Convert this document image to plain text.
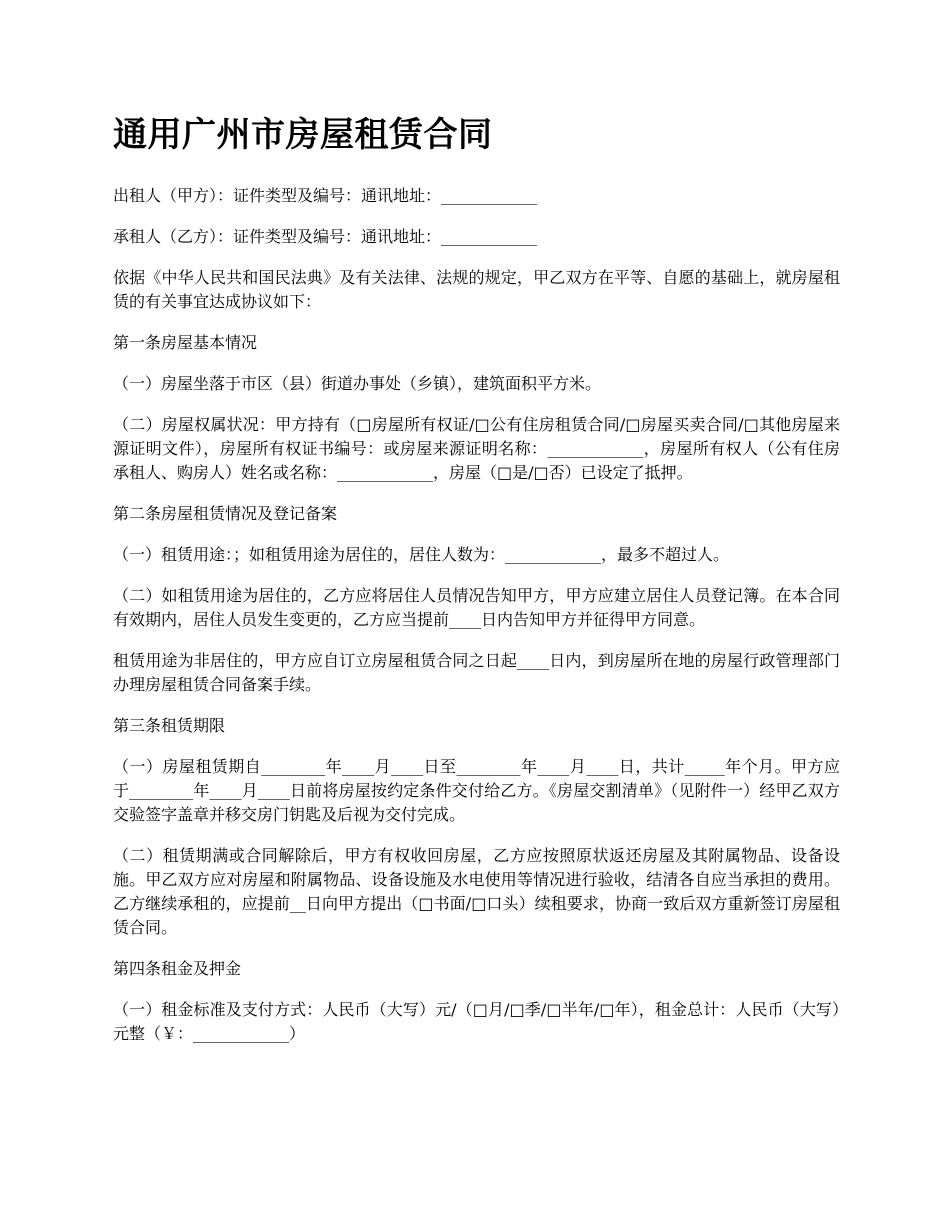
通用广州市房屋租赁合同

出租人（甲方）：证件类型及编号：通讯地址：____________

承租人（乙方）：证件类型及编号：通讯地址：____________

依据《中华人民共和国民法典》及有关法律、法规的规定，甲乙双方在平等、自愿的基础上，就房屋租赁的有关事宜达成协议如下：

第一条房屋基本情况

（一）房屋坐落于市区（县）街道办事处（乡镇），建筑面积平方米。

（二）房屋权属状况：甲方持有（□房屋所有权证/□公有住房租赁合同/□房屋买卖合同/□其他房屋来源证明文件），房屋所有权证书编号：或房屋来源证明名称：____________，房屋所有权人（公有住房承租人、购房人）姓名或名称：____________，房屋（□是/□否）已设定了抵押。

第二条房屋租赁情况及登记备案

（一）租赁用途：；如租赁用途为居住的，居住人数为：____________，最多不超过人。

（二）如租赁用途为居住的，乙方应将居住人员情况告知甲方，甲方应建立居住人员登记簿。在本合同有效期内，居住人员发生变更的，乙方应当提前____日内告知甲方并征得甲方同意。

租赁用途为非居住的，甲方应自订立房屋租赁合同之日起____日内，到房屋所在地的房屋行政管理部门办理房屋租赁合同备案手续。

第三条租赁期限

（一）房屋租赁期自________年____月____日至________年____月____日，共计_____年个月。甲方应于________年____月____日前将房屋按约定条件交付给乙方。《房屋交割清单》（见附件一）经甲乙双方交验签字盖章并移交房门钥匙及后视为交付完成。

（二）租赁期满或合同解除后，甲方有权收回房屋，乙方应按照原状返还房屋及其附属物品、设备设施。甲乙双方应对房屋和附属物品、设备设施及水电使用等情况进行验收，结清各自应当承担的费用。乙方继续承租的，应提前__日向甲方提出（□书面/□口头）续租要求，协商一致后双方重新签订房屋租赁合同。

第四条租金及押金

（一）租金标准及支付方式：人民币（大写）元/（□月/□季/□半年/□年），租金总计：人民币（大写）元整（￥：____________）
